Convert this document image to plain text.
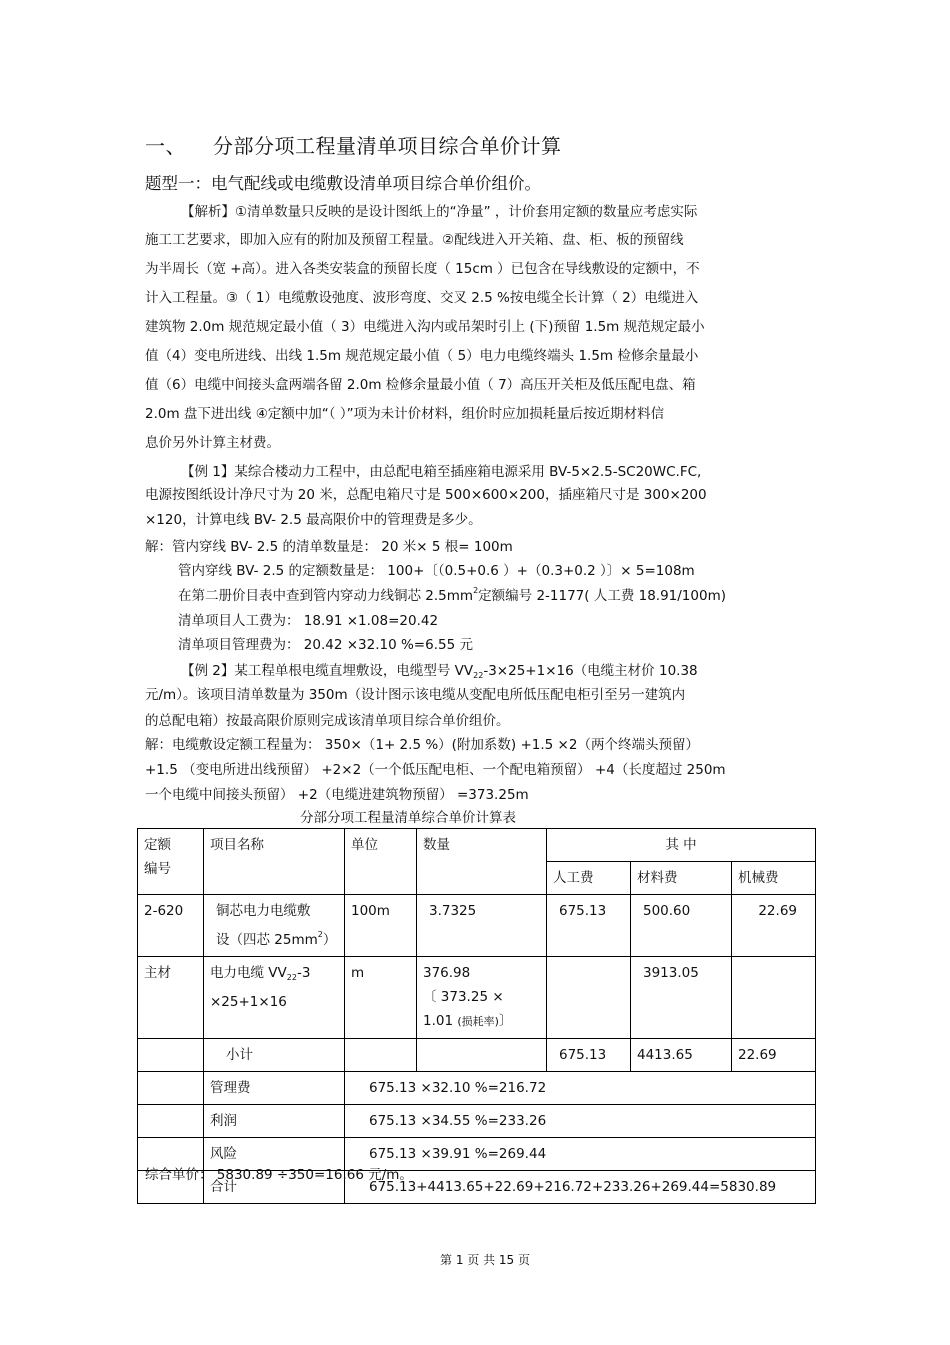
一、 分部分项工程量清单项目综合单价计算
题型一：电气配线或电缆敷设清单项目综合单价组价。
【解析】①清单数量只反映的是设计图纸上的“净量” ，计价套用定额的数量应考虑实际
施工工艺要求，即加入应有的附加及预留工程量。②配线进入开关箱、盘、柜、板的预留线
为半周长（宽 +高）。进入各类安装盒的预留长度（ 15cm ）已包含在导线敷设的定额中，不
计入工程量。③（ 1）电缆敷设弛度、波形弯度、交叉 2.5 %按电缆全长计算（ 2）电缆进入
建筑物 2.0m 规范规定最小值（ 3）电缆进入沟内或吊架时引上 (下)预留 1.5m 规范规定最小
值（4）变电所进线、出线 1.5m 规范规定最小值（ 5）电力电缆终端头 1.5m 检修余量最小
值（6）电缆中间接头盒两端各留 2.0m 检修余量最小值（ 7）高压开关柜及低压配电盘、箱
2.0m 盘下进出线 ④定额中加“（ ）”项为未计价材料，组价时应加损耗量后按近期材料信
息价另外计算主材费。
【例 1】某综合楼动力工程中，由总配电箱至插座箱电源采用 BV-5×2.5-SC20WC.FC,
电源按图纸设计净尺寸为 20 米，总配电箱尺寸是 500×600×200，插座箱尺寸是 300×200
×120，计算电线 BV- 2.5 最高限价中的管理费是多少。
解：管内穿线 BV- 2.5 的清单数量是： 20 米× 5 根= 100m
管内穿线 BV- 2.5 的定额数量是： 100+〔（0.5+0.6 ）+（0.3+0.2 ）〕× 5=108m
在第二册价目表中查到管内穿动力线铜芯 $2.5mm^2$定额编号 2-1177( 人工费 18.91/100m)
清单项目人工费为： 18.91 ×1.08=20.42
清单项目管理费为： 20.42 ×32.10 %=6.55 元
【例 2】某工程单根电缆直埋敷设，电缆型号 $VV_{22}-3\times 25+1\times 16$（电缆主材价 10.38
元/m）。该项目清单数量为 350m（设计图示该电缆从变配电所低压配电柜引至另一建筑内
的总配电箱）按最高限价原则完成该清单项目综合单价组价。
解：电缆敷设定额工程量为： 350×（1+ 2.5 %）(附加系数) +1.5 ×2（两个终端头预留）
+1.5 （变电所进出线预留） +2×2（一个低压配电柜、一个配电箱预留） +4（长度超过 250m
一个电缆中间接头预留） +2（电缆进建筑物预留） =373.25m
分部分项工程量清单综合单价计算表
定额
编号	项目名称	单位	数量	其 中		
				人工费	材料费	机械费
2-620	铜芯电力电缆敷
设（四芯 $25mm^2$）	100m	3.7325	675.13	500.60	22.69
主材	电力电缆 $VV_{22}-3$
×25+1×16	m	376.98
〔 373.25 ×
1.01 (损耗率)〕		3913.05	
	小计			675.13	4413.65	22.69
	管理费	675.13 ×32.10 %=216.72				
	利润	675.13 ×34.55 %=233.26				
	风险	675.13 ×39.91 %=269.44				
	合计	675.13+4413.65+22.69+216.72+233.26+269.44=5830.89				
综合单价： 5830.89 ÷350=16.66 元/m。
第 1 页 共 15 页
